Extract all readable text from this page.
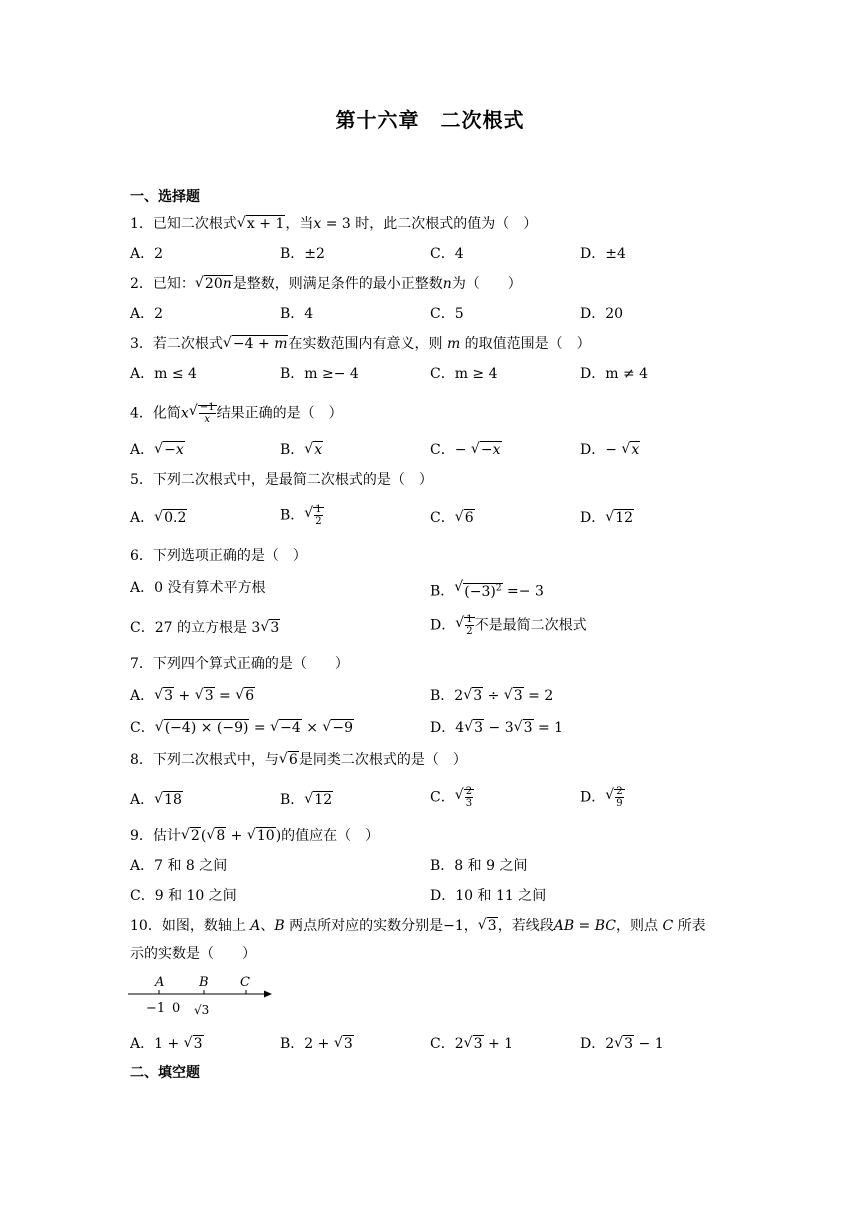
第十六章　二次根式
一、选择题
1．已知二次根式 √ x + 1，当x = 3 时，此二次根式的值为（　）
A．2	B．±2	C．4	D．±4
2．已知： √ 20n是整数，则满足条件的最小正整数n为（　　）
A．2	B．4	C．5	D．20
3．若二次根式 √ −4 + m在实数范围内有意义，则 m 的取值范围是（　）
A．m ≤ 4	B．m ≥− 4	C．m ≥ 4	D．m ≠ 4
4．化简x √ $\frac{-1}{x}$ 结果正确的是（　）
A． √ −x	B． √ x	C．− √ −x	D．− √ x
5．下列二次根式中，是最简二次根式的是（　）
A． √ 0.2	B． √ $\frac{1}{2}$	C． √ 6	D． √ 12
6．下列选项正确的是（　）
A．0 没有算术平方根	B． √ $(-3)^2 =- 3$
C．27 的立方根是 3 √ 3	D． √ $\frac{1}{2}$ 不是最简二次根式
7．下列四个算式正确的是（　　）
A． √ 3 + √ 3 = √ 6	B．2 √ 3 ÷ √ 3 = 2
C． √ (−4) × (−9) = √ −4 × √ −9	D．4 √ 3 − 3 √ 3 = 1
8．下列二次根式中，与 √ 6是同类二次根式的是（　）
A． √ 18	B． √ 12	C． √ $\frac{2}{3}$	D． √ $\frac{2}{9}$
9．估计 √ 2( √ 8 + √ 10)的值应在（　）
A．7 和 8 之间	B．8 和 9 之间
C．9 和 10 之间	D．10 和 11 之间
10．如图，数轴上 A、B 两点所对应的实数分别是−1， √ 3，若线段AB = BC，则点 C 所表
示的实数是（　　）
A	B C
−1 0 √3
A．1 + √ 3	B．2 + √ 3	C．2 √ 3 + 1	D．2 √ 3 − 1
二、填空题
